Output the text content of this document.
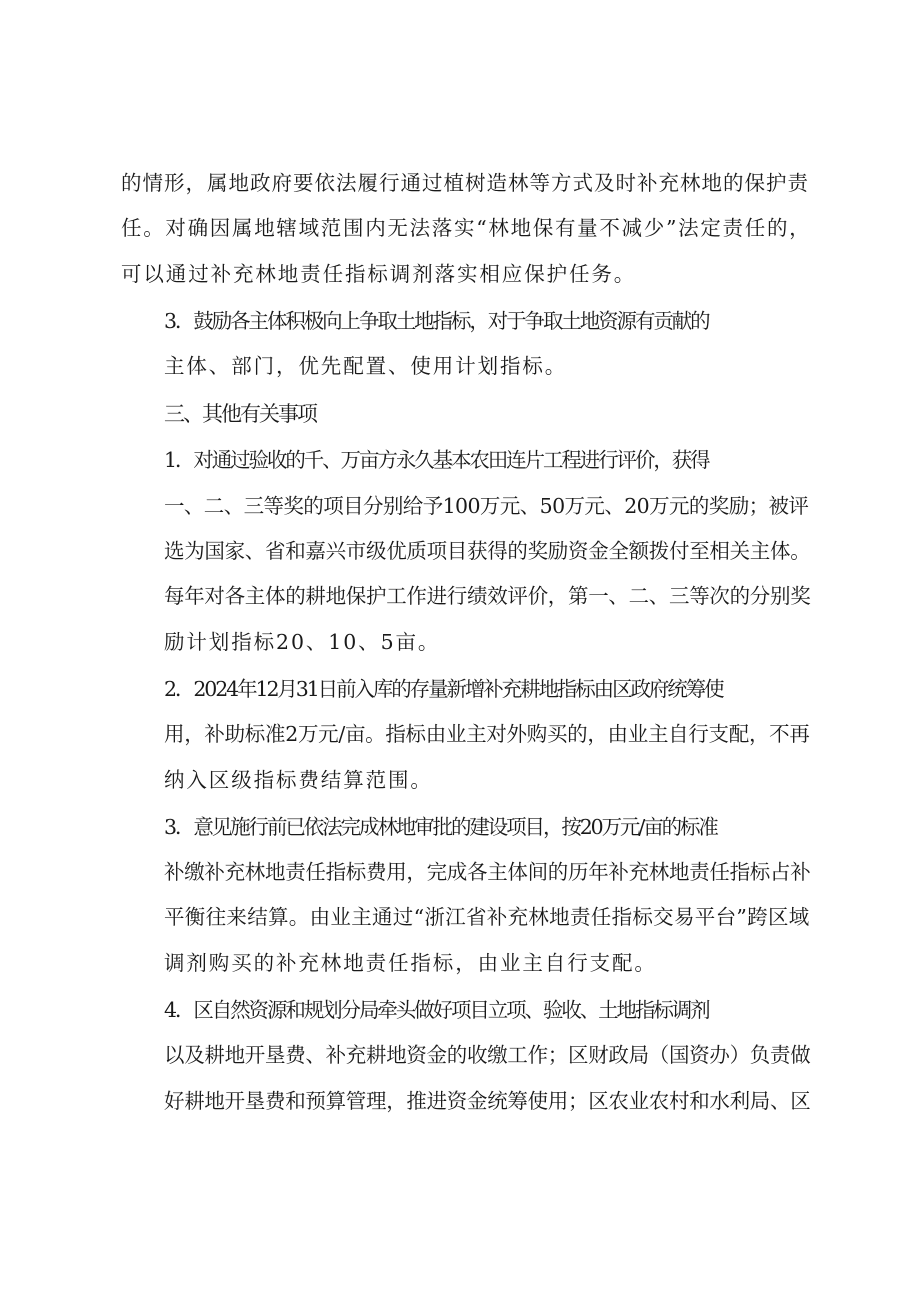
的情形，属地政府要依法履行通过植树造林等方式及时补充林地的保护责
任。对确因属地辖域范围内无法落实“林地保有量不减少”法定责任的，
可以通过补充林地责任指标调剂落实相应保护任务。

3．鼓励各主体积极向上争取土地指标，对于争取土地资源有贡献的
主体、部门，优先配置、使用计划指标。

三、其他有关事项

1．对通过验收的千、万亩方永久基本农田连片工程进行评价，获得
一、二、三等奖的项目分别给予100万元、50万元、20万元的奖励；被评
选为国家、省和嘉兴市级优质项目获得的奖励资金全额拨付至相关主体。
每年对各主体的耕地保护工作进行绩效评价，第一、二、三等次的分别奖
励计划指标20、10、5亩。

2．2024年12月31日前入库的存量新增补充耕地指标由区政府统筹使
用，补助标准2万元/亩。指标由业主对外购买的，由业主自行支配，不再
纳入区级指标费结算范围。

3．意见施行前已依法完成林地审批的建设项目，按20万元/亩的标准
补缴补充林地责任指标费用，完成各主体间的历年补充林地责任指标占补
平衡往来结算。由业主通过“浙江省补充林地责任指标交易平台”跨区域
调剂购买的补充林地责任指标，由业主自行支配。

4．区自然资源和规划分局牵头做好项目立项、验收、土地指标调剂
以及耕地开垦费、补充耕地资金的收缴工作；区财政局（国资办）负责做
好耕地开垦费和预算管理，推进资金统筹使用；区农业农村和水利局、区
